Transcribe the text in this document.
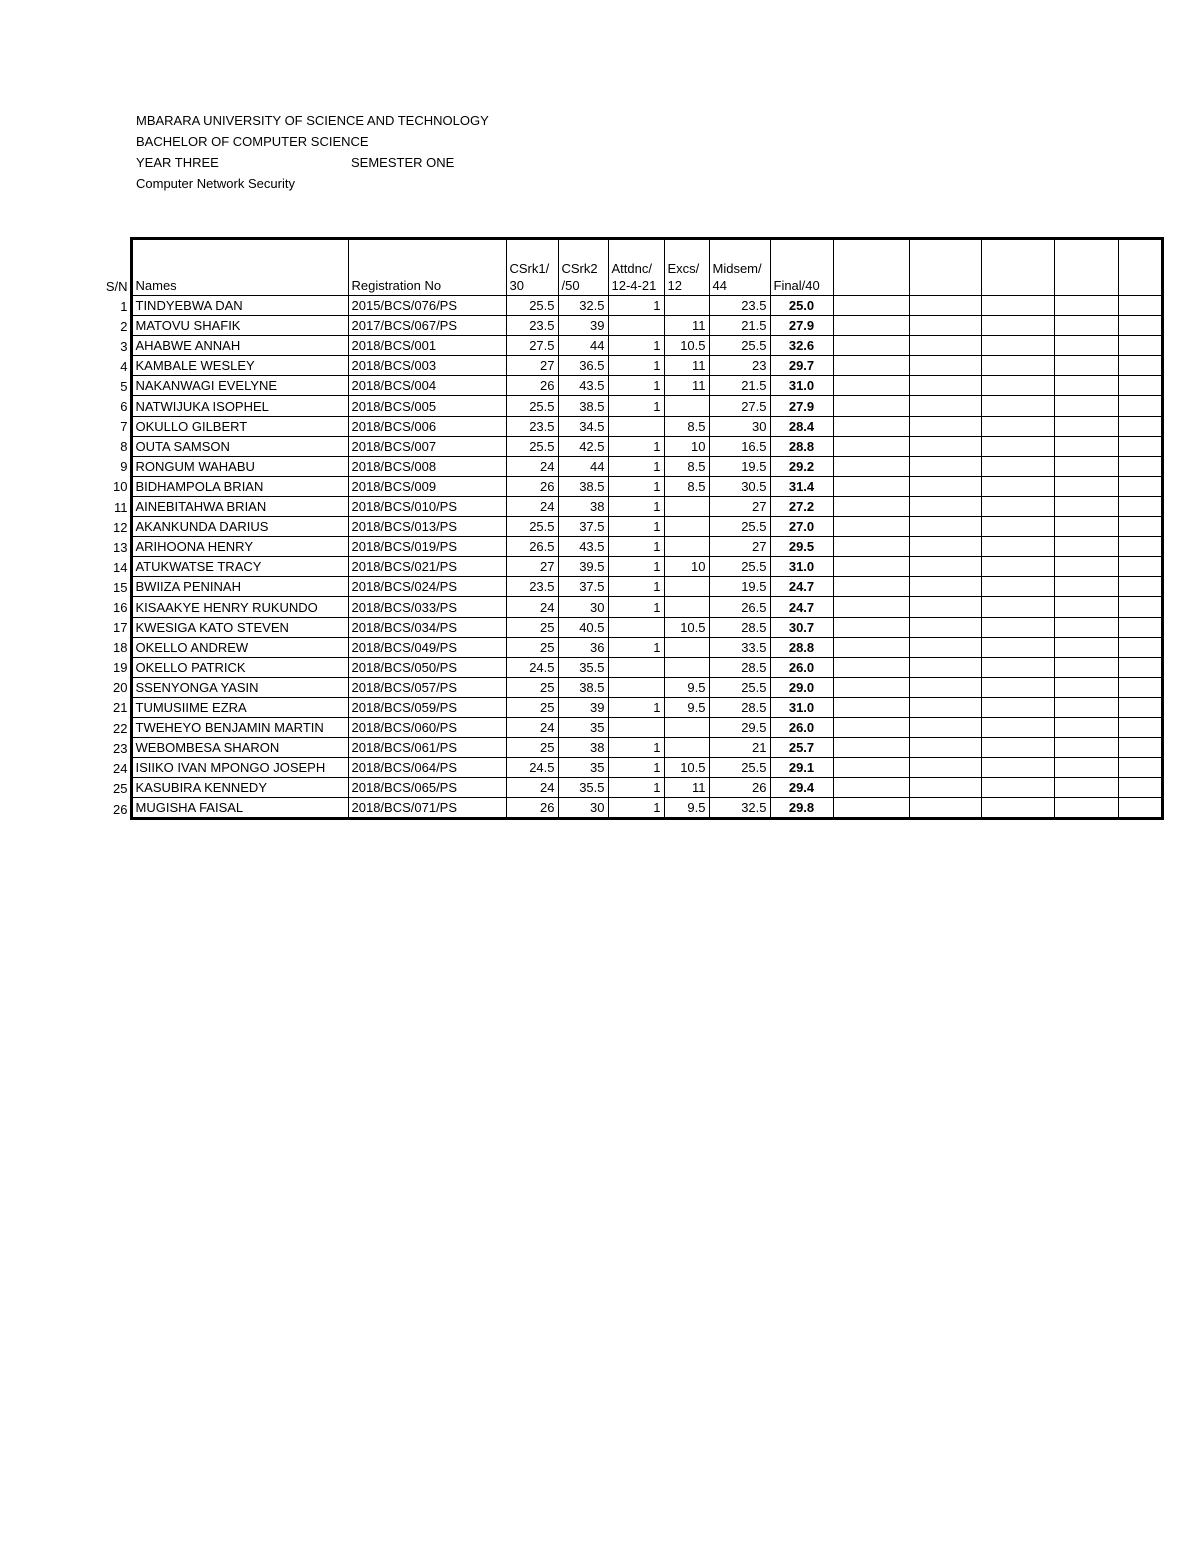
MBARARA UNIVERSITY OF SCIENCE AND TECHNOLOGY
BACHELOR OF COMPUTER SCIENCE
YEAR THREE	SEMESTER ONE
Computer Network Security
S/N	Names	Registration No	CSrk1/ 30	CSrk2 /50	Attdnc/ 12-4-21	Excs/ 12	Midsem/ 44	Final/40					
1	TINDYEBWA DAN	2015/BCS/076/PS	25.5	32.5	1		23.5	25.0					
2	MATOVU SHAFIK	2017/BCS/067/PS	23.5	39		11	21.5	27.9					
3	AHABWE ANNAH	2018/BCS/001	27.5	44	1	10.5	25.5	32.6					
4	KAMBALE WESLEY	2018/BCS/003	27	36.5	1	11	23	29.7					
5	NAKANWAGI EVELYNE	2018/BCS/004	26	43.5	1	11	21.5	31.0					
6	NATWIJUKA ISOPHEL	2018/BCS/005	25.5	38.5	1		27.5	27.9					
7	OKULLO GILBERT	2018/BCS/006	23.5	34.5		8.5	30	28.4					
8	OUTA SAMSON	2018/BCS/007	25.5	42.5	1	10	16.5	28.8					
9	RONGUM WAHABU	2018/BCS/008	24	44	1	8.5	19.5	29.2					
10	BIDHAMPOLA BRIAN	2018/BCS/009	26	38.5	1	8.5	30.5	31.4					
11	AINEBITAHWA BRIAN	2018/BCS/010/PS	24	38	1		27	27.2					
12	AKANKUNDA DARIUS	2018/BCS/013/PS	25.5	37.5	1		25.5	27.0					
13	ARIHOONA HENRY	2018/BCS/019/PS	26.5	43.5	1		27	29.5					
14	ATUKWATSE TRACY	2018/BCS/021/PS	27	39.5	1	10	25.5	31.0					
15	BWIIZA PENINAH	2018/BCS/024/PS	23.5	37.5	1		19.5	24.7					
16	KISAAKYE HENRY RUKUNDO	2018/BCS/033/PS	24	30	1		26.5	24.7					
17	KWESIGA KATO STEVEN	2018/BCS/034/PS	25	40.5		10.5	28.5	30.7					
18	OKELLO ANDREW	2018/BCS/049/PS	25	36	1		33.5	28.8					
19	OKELLO PATRICK	2018/BCS/050/PS	24.5	35.5			28.5	26.0					
20	SSENYONGA YASIN	2018/BCS/057/PS	25	38.5		9.5	25.5	29.0					
21	TUMUSIIME EZRA	2018/BCS/059/PS	25	39	1	9.5	28.5	31.0					
22	TWEHEYO BENJAMIN MARTIN	2018/BCS/060/PS	24	35			29.5	26.0					
23	WEBOMBESA SHARON	2018/BCS/061/PS	25	38	1		21	25.7					
24	ISIIKO IVAN MPONGO JOSEPH	2018/BCS/064/PS	24.5	35	1	10.5	25.5	29.1					
25	KASUBIRA KENNEDY	2018/BCS/065/PS	24	35.5	1	11	26	29.4					
26	MUGISHA FAISAL	2018/BCS/071/PS	26	30	1	9.5	32.5	29.8					
